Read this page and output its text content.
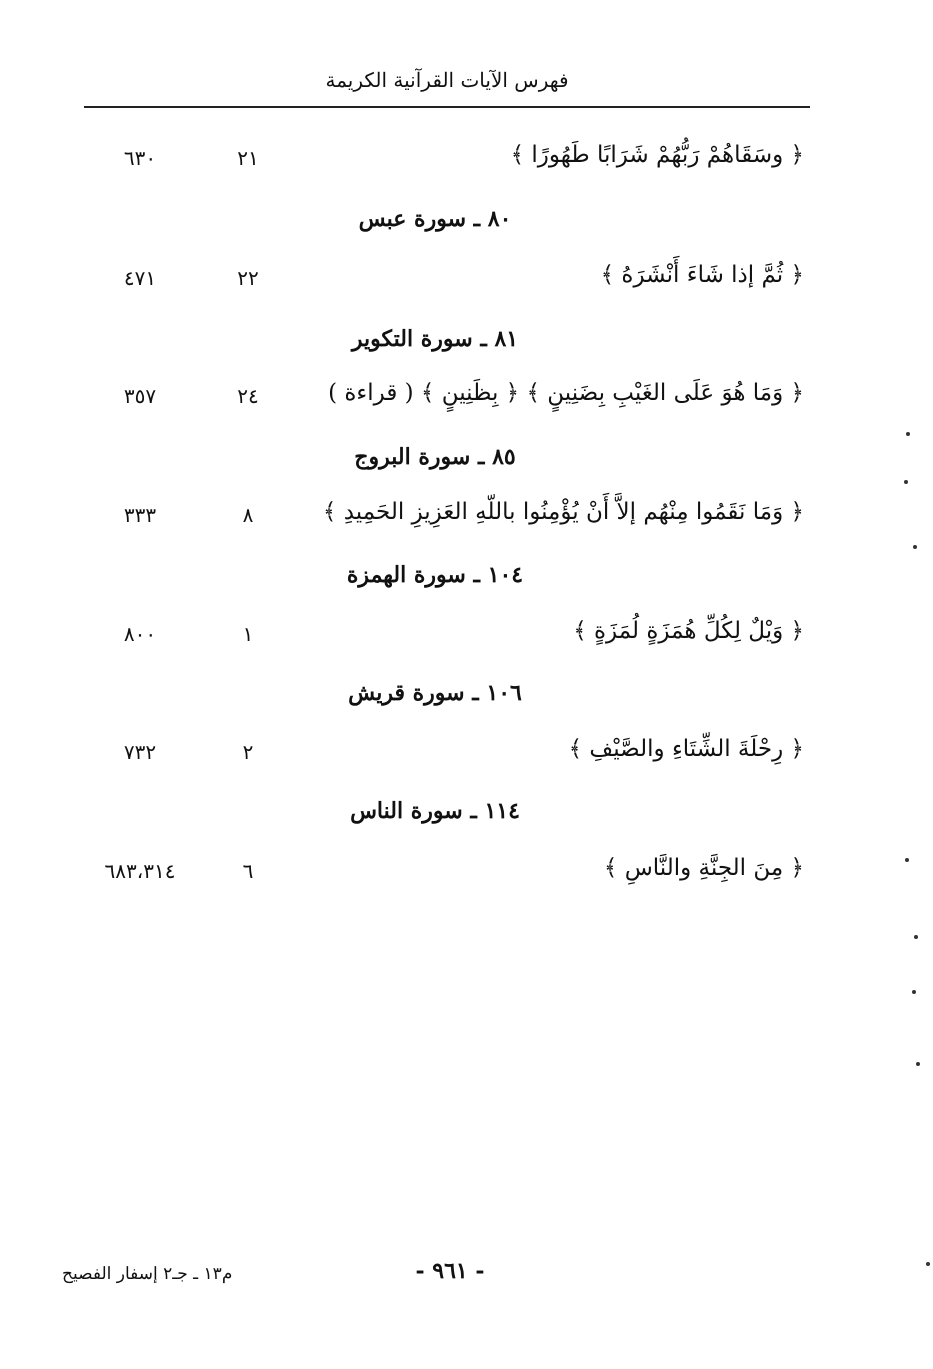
فهرس الآيات القرآنية الكريمة
﴿ وسَقَاهُمْ رَبُّهُمْ شَرَابًا طَهُورًا ﴾
٢١
٦٣٠
٨٠ ـ سورة عبس
﴿ ثُمَّ إذا شَاءَ أَنْشَرَهُ ﴾
٢٢
٤٧١
٨١ ـ سورة التكوير
﴿ وَمَا هُوَ عَلَى الغَيْبِ بِضَنِينٍ ﴾ ﴿ بِظَنِينٍ ﴾ ( قراءة )
٢٤
٣٥٧
٨٥ ـ سورة البروج
﴿ وَمَا نَقَمُوا مِنْهُم إلاَّ أَنْ يُؤْمِنُوا باللّهِ العَزِيزِ الحَمِيدِ ﴾
٨
٣٣٣
١٠٤ ـ سورة الهمزة
﴿ وَيْلٌ لِكُلِّ هُمَزَةٍ لُمَزَةٍ ﴾
١
٨٠٠
١٠٦ ـ سورة قريش
﴿ رِحْلَةَ الشِّتَاءِ والصَّيْفِ ﴾
٢
٧٣٢
١١٤ ـ سورة الناس
﴿ مِنَ الجِنَّةِ والنَّاسِ ﴾
٦
٦٨٣،٣١٤
- ٩٦١ -
م١٣ ـ جـ٢ إسفار الفصيح
